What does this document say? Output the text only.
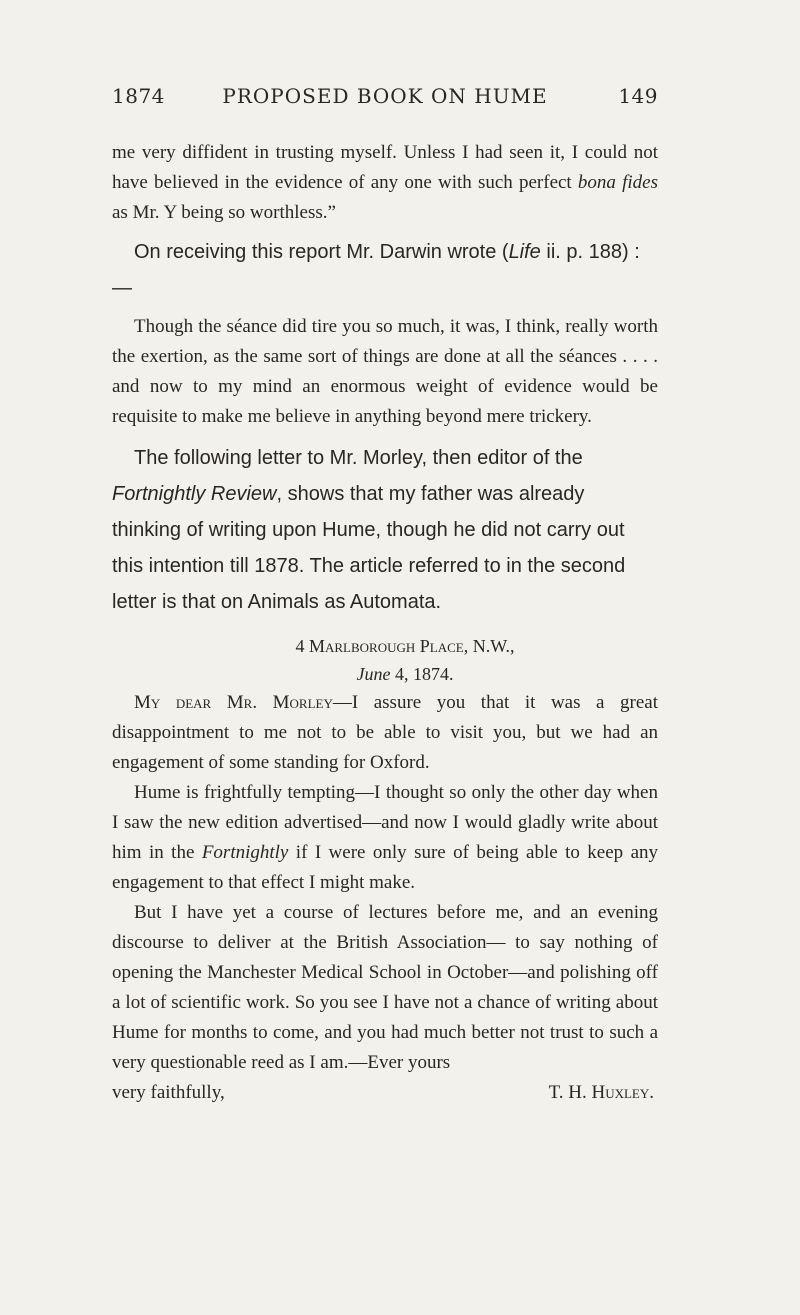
1874	PROPOSED BOOK ON HUME	149

me very diffident in trusting myself. Unless I had seen it, I could not have believed in the evidence of any one with such perfect bona fides as Mr. Y being so worthless.”

On receiving this report Mr. Darwin wrote (Life ii. p. 188) :—

Though the séance did tire you so much, it was, I think, really worth the exertion, as the same sort of things are done at all the séances . . . . and now to my mind an enormous weight of evidence would be requisite to make me believe in anything beyond mere trickery.

The following letter to Mr. Morley, then editor of the Fortnightly Review, shows that my father was already thinking of writing upon Hume, though he did not carry out this intention till 1878. The article referred to in the second letter is that on Animals as Automata.

4 Marlborough Place, N.W.,
June 4, 1874.

My dear Mr. Morley—I assure you that it was a great disappointment to me not to be able to visit you, but we had an engagement of some standing for Oxford.

Hume is frightfully tempting—I thought so only the other day when I saw the new edition advertised—and now I would gladly write about him in the Fortnightly if I were only sure of being able to keep any engagement to that effect I might make.

But I have yet a course of lectures before me, and an evening discourse to deliver at the British Association— to say nothing of opening the Manchester Medical School in October—and polishing off a lot of scientific work. So you see I have not a chance of writing about Hume for months to come, and you had much better not trust to such a very questionable reed as I am.—Ever yours

very faithfully,	T. H. Huxley.
